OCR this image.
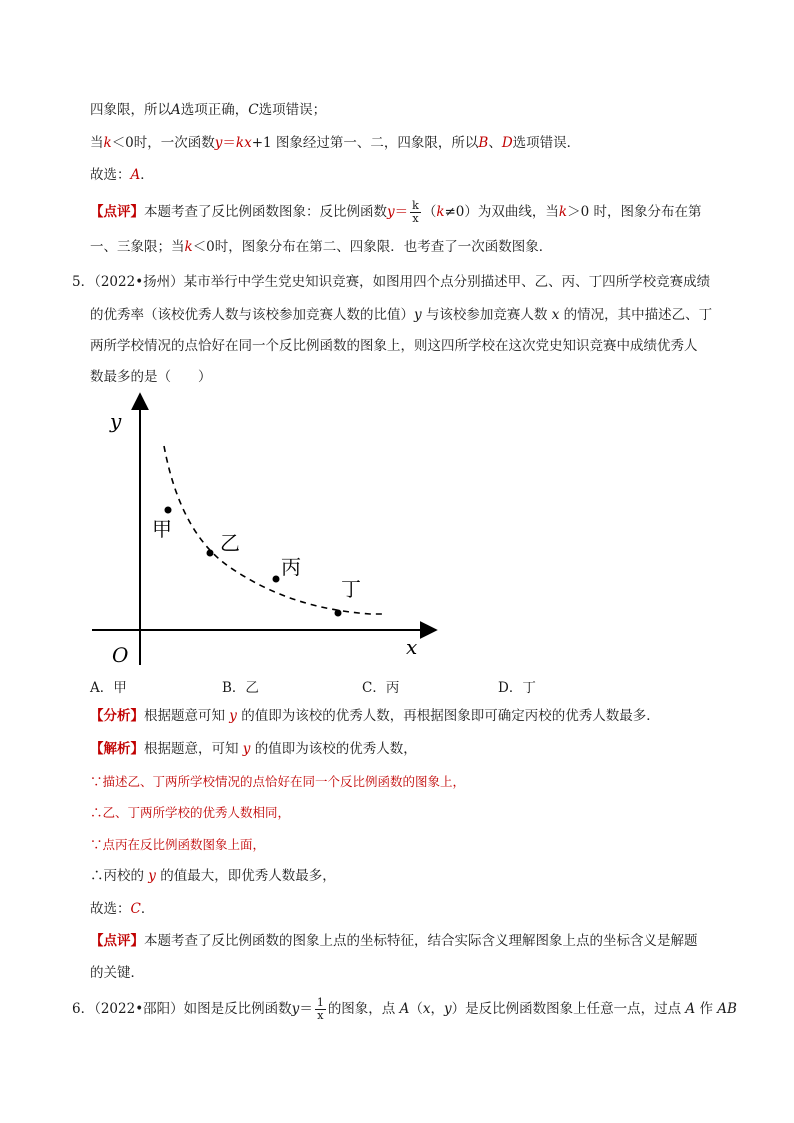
四象限，所以A选项正确，C选项错误；
当k＜0时，一次函数y＝kx+1 图象经过第一、二，四象限，所以B、D选项错误．
故选：A．
【点评】本题考查了反比例函数图象：反比例函数$y= \frac{k}{x} (k\ne 0)$为双曲线，当k＞0 时，图象分布在第
一、三象限；当k＜0时，图象分布在第二、四象限．也考查了一次函数图象．
5．（2022•扬州）某市举行中学生党史知识竞赛，如图用四个点分别描述甲、乙、丙、丁四所学校竞赛成绩
的优秀率（该校优秀人数与该校参加竞赛人数的比值）y 与该校参加竞赛人数 x 的情况，其中描述乙、丁
两所学校情况的点恰好在同一个反比例函数的图象上，则这四所学校在这次党史知识竞赛中成绩优秀人
数最多的是（　　）
y
x
O
甲
乙
丙
丁
A．甲	B．乙	C．丙	D．丁
【分析】根据题意可知 y 的值即为该校的优秀人数，再根据图象即可确定丙校的优秀人数最多．
【解析】根据题意，可知 y 的值即为该校的优秀人数，
∵描述乙、丁两所学校情况的点恰好在同一个反比例函数的图象上，
∴乙、丁两所学校的优秀人数相同，
∵点丙在反比例函数图象上面，
∴丙校的 y 的值最大，即优秀人数最多，
故选：C．
【点评】本题考查了反比例函数的图象上点的坐标特征，结合实际含义理解图象上点的坐标含义是解题
的关键．
6．（2022•邵阳）如图是反比例函数$y= \frac{1}{x}$ 的图象，点 A（x，y）是反比例函数图象上任意一点，过点 A 作 AB
